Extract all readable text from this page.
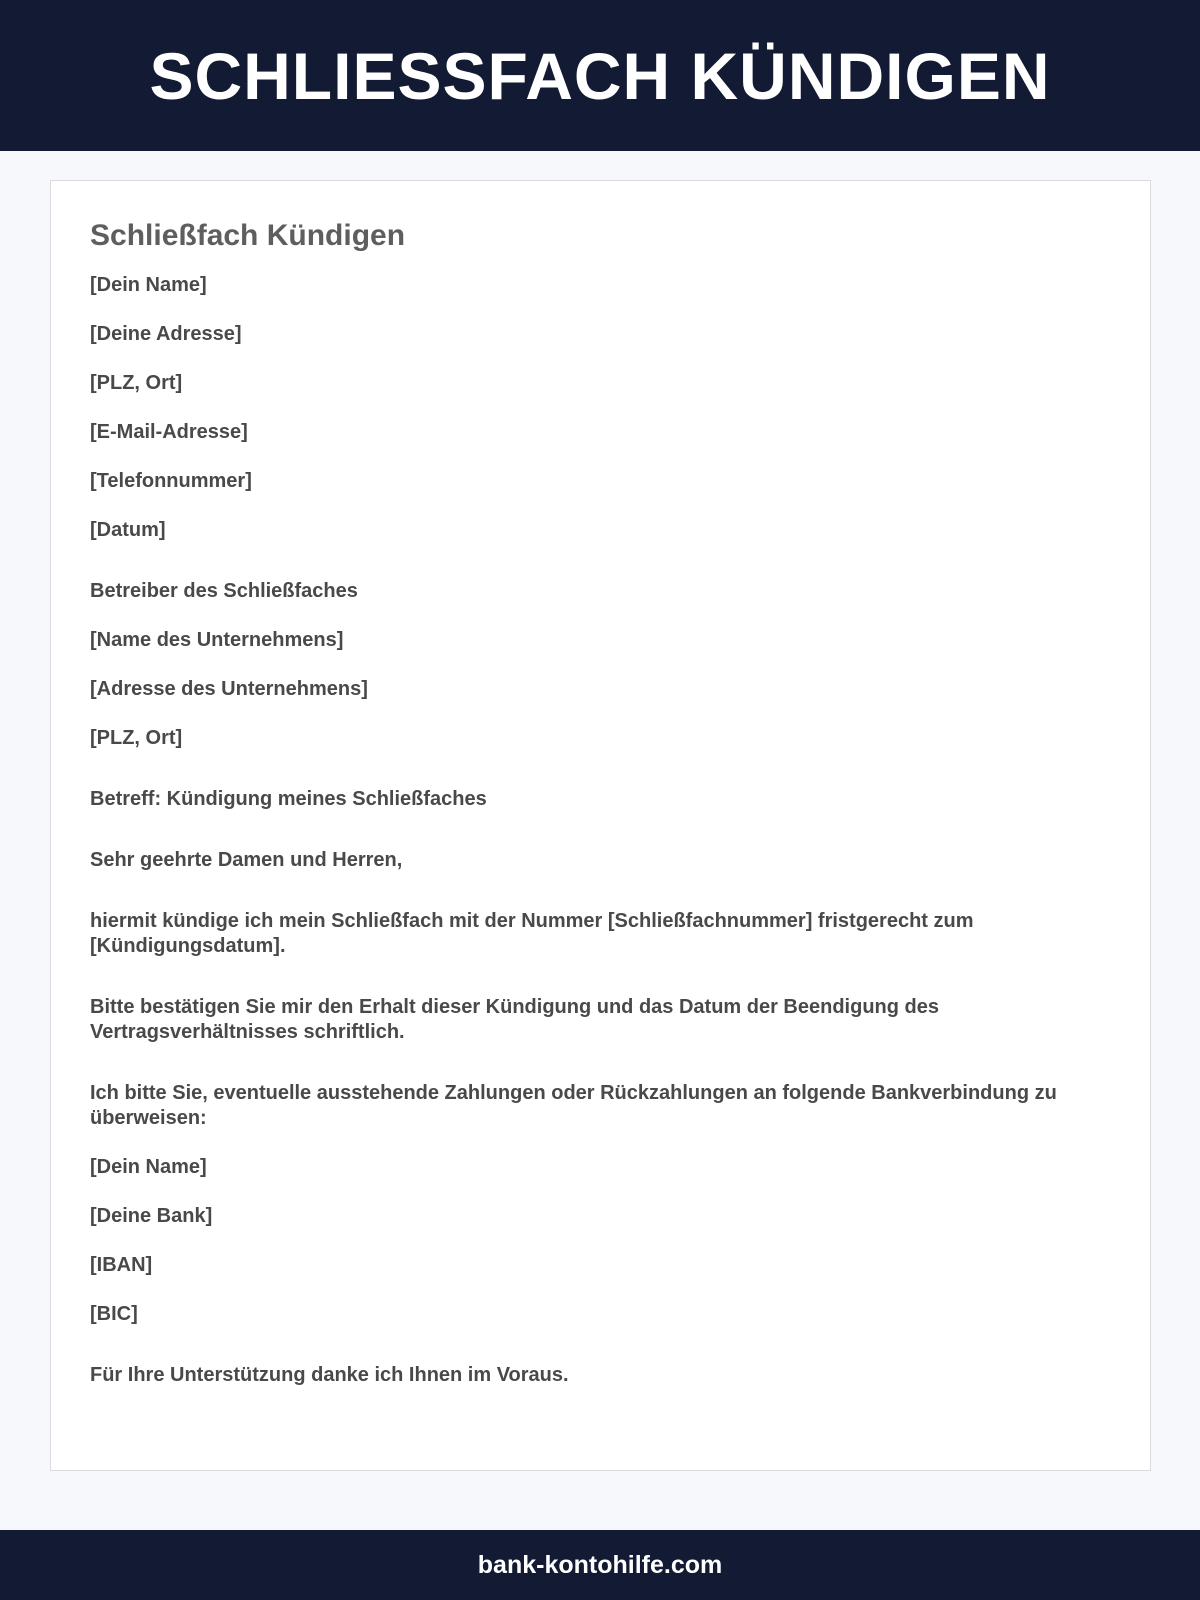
SCHLIESSFACH KÜNDIGEN
Schließfach Kündigen
[Dein Name]
[Deine Adresse]
[PLZ, Ort]
[E-Mail-Adresse]
[Telefonnummer]
[Datum]
Betreiber des Schließfaches
[Name des Unternehmens]
[Adresse des Unternehmens]
[PLZ, Ort]
Betreff: Kündigung meines Schließfaches
Sehr geehrte Damen und Herren,
hiermit kündige ich mein Schließfach mit der Nummer [Schließfachnummer] fristgerecht zum [Kündigungsdatum].
Bitte bestätigen Sie mir den Erhalt dieser Kündigung und das Datum der Beendigung des Vertragsverhältnisses schriftlich.
Ich bitte Sie, eventuelle ausstehende Zahlungen oder Rückzahlungen an folgende Bankverbindung zu überweisen:
[Dein Name]
[Deine Bank]
[IBAN]
[BIC]
Für Ihre Unterstützung danke ich Ihnen im Voraus.
bank-kontohilfe.com
